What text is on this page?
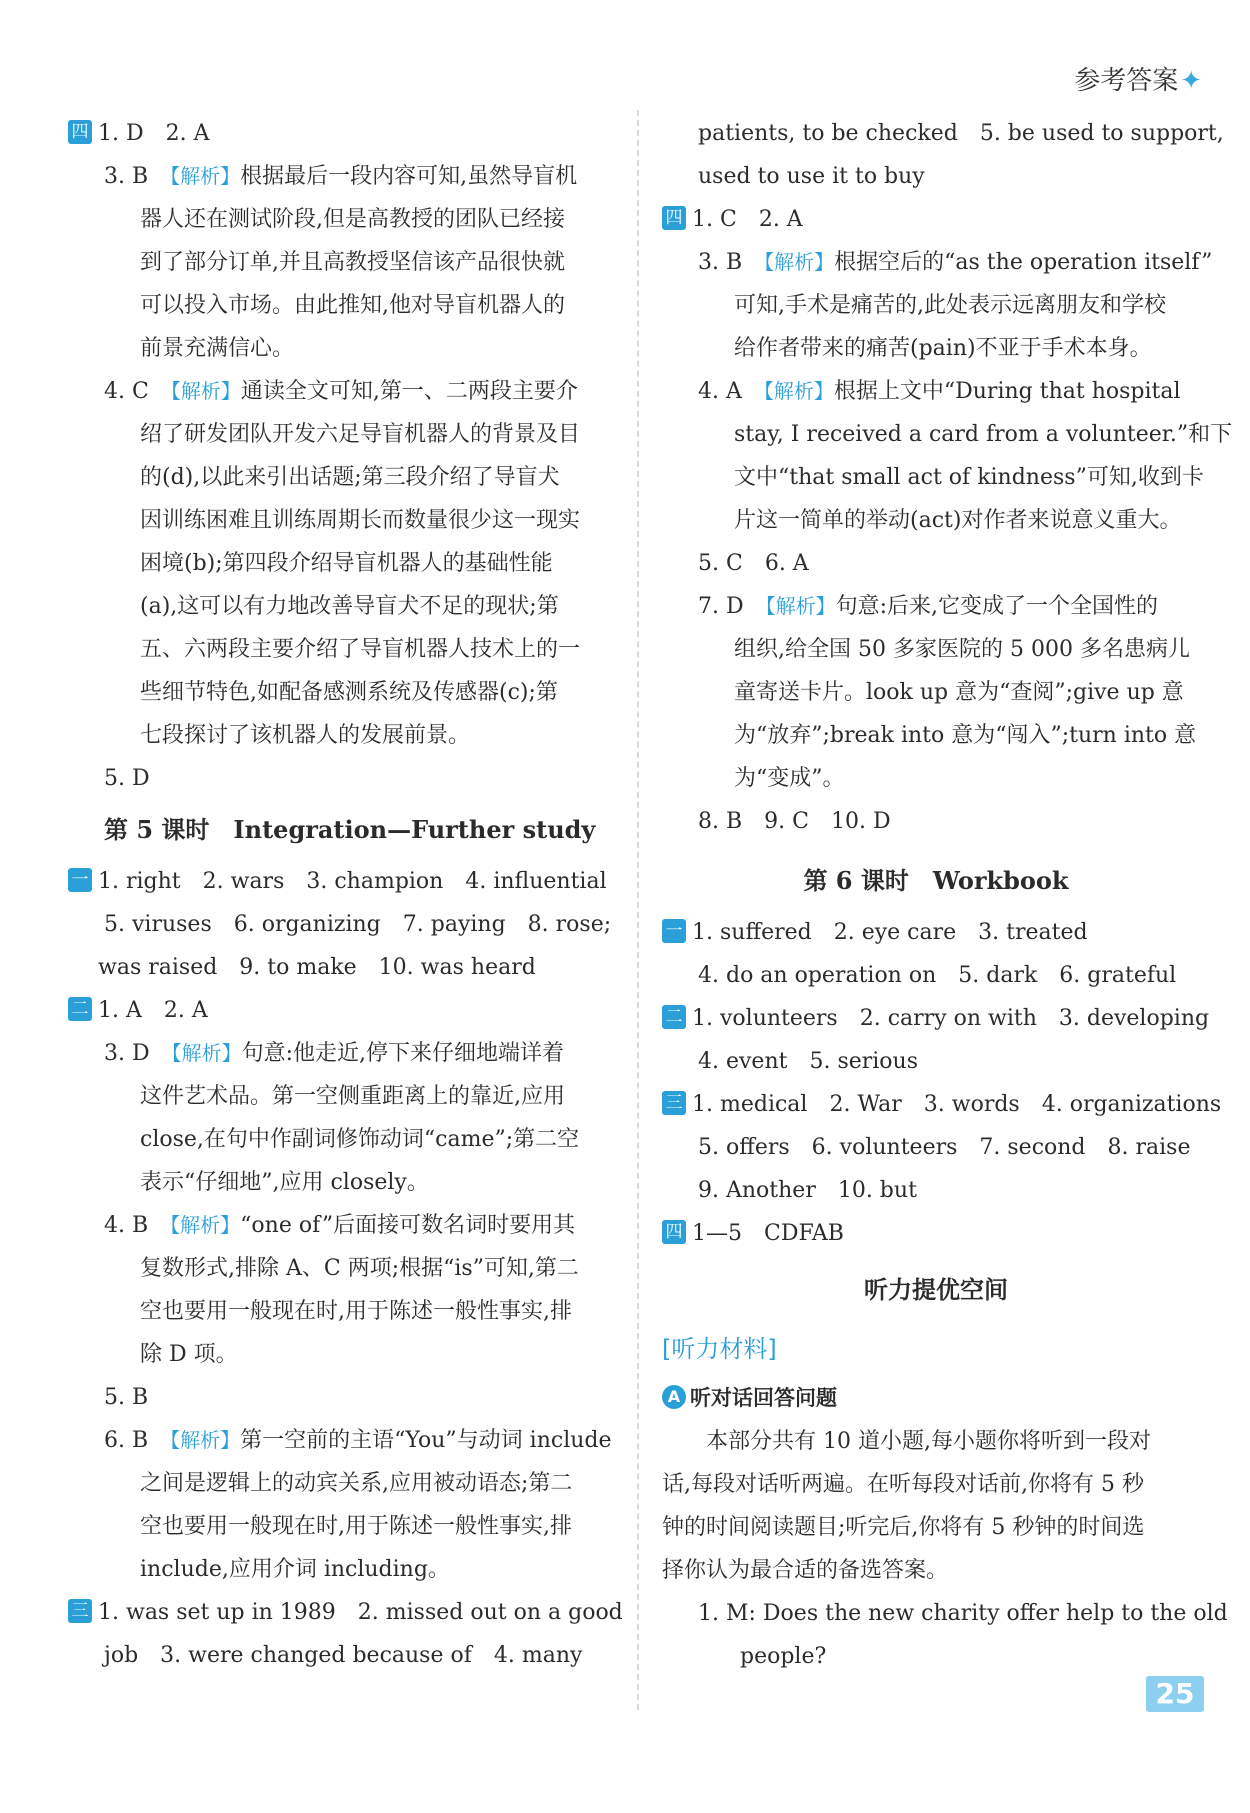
参考答案✦
四 1. D　2. A
3. B　【解析】根据最后一段内容可知,虽然导盲机
器人还在测试阶段,但是高教授的团队已经接
到了部分订单,并且高教授坚信该产品很快就
可以投入市场。由此推知,他对导盲机器人的
前景充满信心。
4. C　【解析】通读全文可知,第一、二两段主要介
绍了研发团队开发六足导盲机器人的背景及目
的(d),以此来引出话题;第三段介绍了导盲犬
因训练困难且训练周期长而数量很少这一现实
困境(b);第四段介绍导盲机器人的基础性能
(a),这可以有力地改善导盲犬不足的现状;第
五、六两段主要介绍了导盲机器人技术上的一
些细节特色,如配备感测系统及传感器(c);第
七段探讨了该机器人的发展前景。
5. D
第 5 课时　Integration—Further study
一 1. right　2. wars　3. champion　4. influential
5. viruses　6. organizing　7. paying　8. rose;
was raised　9. to make　10. was heard
二 1. A　2. A
3. D　【解析】句意:他走近,停下来仔细地端详着
这件艺术品。第一空侧重距离上的靠近,应用
close,在句中作副词修饰动词“came”;第二空
表示“仔细地”,应用 closely。
4. B　【解析】“one of”后面接可数名词时要用其
复数形式,排除 A、C 两项;根据“is”可知,第二
空也要用一般现在时,用于陈述一般性事实,排
除 D 项。
5. B
6. B　【解析】第一空前的主语“You”与动词 include
之间是逻辑上的动宾关系,应用被动语态;第二
空也要用一般现在时,用于陈述一般性事实,排
include,应用介词 including。
三 1. was set up in 1989　2. missed out on a good
job　3. were changed because of　4. many
patients, to be checked　5. be used to support,
used to use it to buy
四 1. C　2. A
3. B　【解析】根据空后的“as the operation itself”
可知,手术是痛苦的,此处表示远离朋友和学校
给作者带来的痛苦(pain)不亚于手术本身。
4. A　【解析】根据上文中“During that hospital
stay, I received a card from a volunteer.”和下
文中“that small act of kindness”可知,收到卡
片这一简单的举动(act)对作者来说意义重大。
5. C　6. A
7. D　【解析】句意:后来,它变成了一个全国性的
组织,给全国 50 多家医院的 5 000 多名患病儿
童寄送卡片。look up 意为“查阅”;give up 意
为“放弃”;break into 意为“闯入”;turn into 意
为“变成”。
8. B　9. C　10. D
第 6 课时　Workbook
一 1. suffered　2. eye care　3. treated
4. do an operation on　5. dark　6. grateful
二 1. volunteers　2. carry on with　3. developing
4. event　5. serious
三 1. medical　2. War　3. words　4. organizations
5. offers　6. volunteers　7. second　8. raise
9. Another　10. but
四 1—5　CDFAB
听力提优空间
[听力材料]
A 听对话回答问题
本部分共有 10 道小题,每小题你将听到一段对
话,每段对话听两遍。在听每段对话前,你将有 5 秒
钟的时间阅读题目;听完后,你将有 5 秒钟的时间选
择你认为最合适的备选答案。
1. M: Does the new charity offer help to the old
people?
25
